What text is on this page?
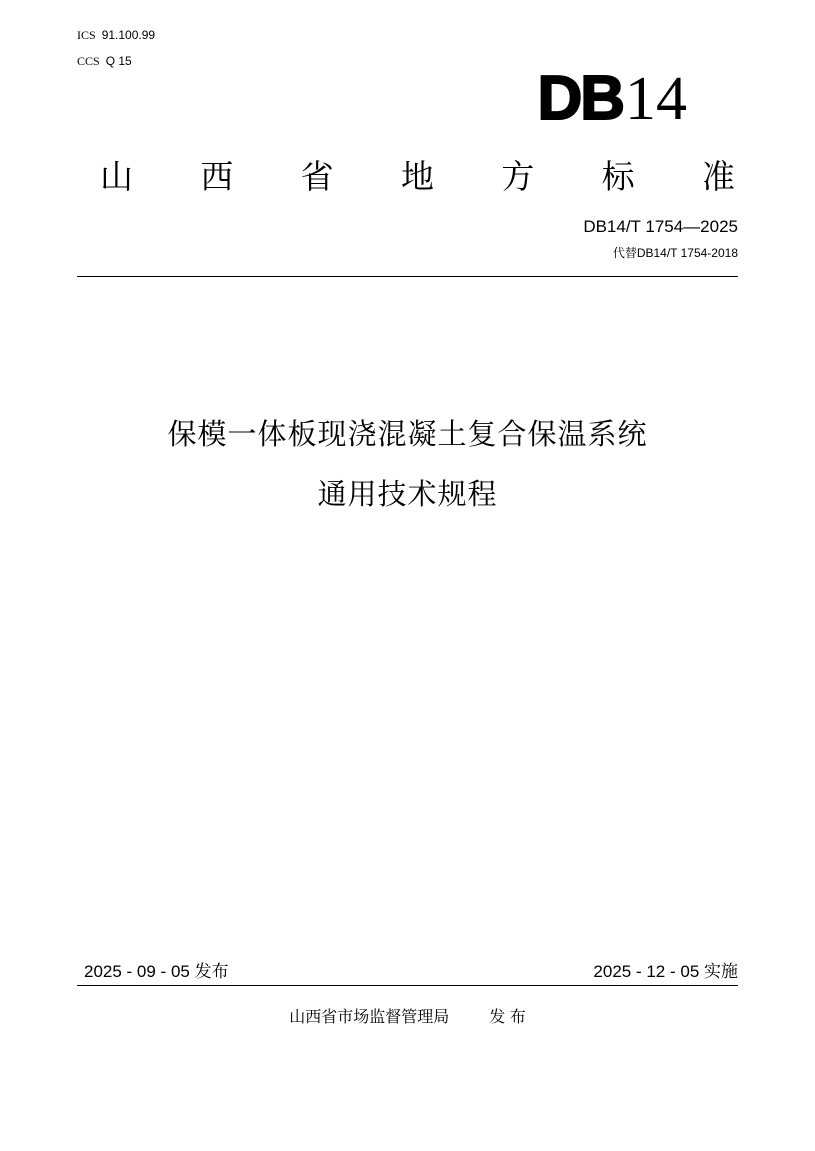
ICS 91.100.99
CCS Q 15
DB14
山 西 省 地 方 标 准
DB14/T 1754—2025
代替DB14/T 1754-2018
保模一体板现浇混凝土复合保温系统
通用技术规程
2025 - 09 - 05 发布	2025 - 12 - 05 实施
山西省市场监督管理局	发 布
